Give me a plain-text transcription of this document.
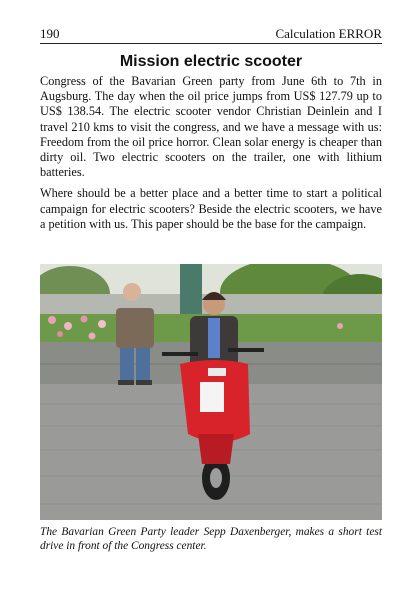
190	Calculation ERROR
Mission electric scooter

Congress of the Bavarian Green party from June 6th to 7th in Augsburg. The day when the oil price jumps from US$ 127.79 up to US$ 138.54. The electric scooter vendor Christian Deinlein and I travel 210 kms to visit the congress, and we have a message with us: Freedom from the oil price horror. Clean solar energy is cheaper than dirty oil. Two electric scooters on the trailer, one with lithium batteries.

Where should be a better place and a better time to start a political campaign for electric scooters? Beside the electric scooters, we have a petition with us. This paper should be the base for the campaign.

The Bavarian Green Party leader Sepp Daxenberger, makes a short test drive in front of the Congress center.
